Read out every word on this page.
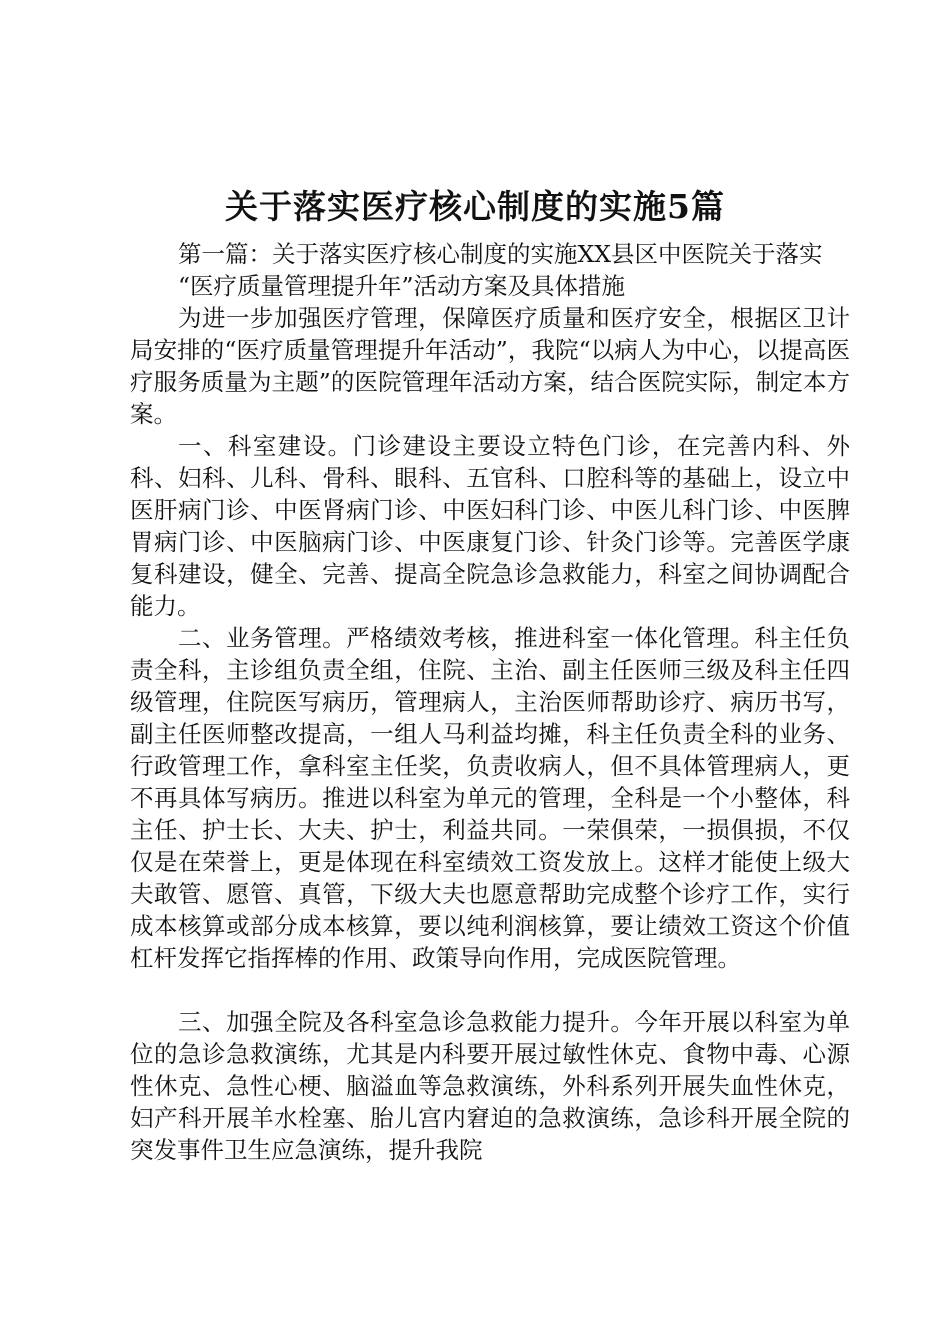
关于落实医疗核心制度的实施5篇

第一篇：关于落实医疗核心制度的实施XX县区中医院关于落实

“医疗质量管理提升年”活动方案及具体措施

为进一步加强医疗管理，保障医疗质量和医疗安全，根据区卫计局安排的“医疗质量管理提升年活动”，我院“以病人为中心，以提高医疗服务质量为主题”的医院管理年活动方案，结合医院实际，制定本方案。

一、科室建设。门诊建设主要设立特色门诊，在完善内科、外科、妇科、儿科、骨科、眼科、五官科、口腔科等的基础上，设立中医肝病门诊、中医肾病门诊、中医妇科门诊、中医儿科门诊、中医脾胃病门诊、中医脑病门诊、中医康复门诊、针灸门诊等。完善医学康复科建设，健全、完善、提高全院急诊急救能力，科室之间协调配合能力。

二、业务管理。严格绩效考核，推进科室一体化管理。科主任负责全科，主诊组负责全组，住院、主治、副主任医师三级及科主任四级管理，住院医写病历，管理病人，主治医师帮助诊疗、病历书写，副主任医师整改提高，一组人马利益均摊，科主任负责全科的业务、行政管理工作，拿科室主任奖，负责收病人，但不具体管理病人，更不再具体写病历。推进以科室为单元的管理，全科是一个小整体，科主任、护士长、大夫、护士，利益共同。一荣俱荣，一损俱损，不仅仅是在荣誉上，更是体现在科室绩效工资发放上。这样才能使上级大夫敢管、愿管、真管，下级大夫也愿意帮助完成整个诊疗工作，实行成本核算或部分成本核算，要以纯利润核算，要让绩效工资这个价值杠杆发挥它指挥棒的作用、政策导向作用，完成医院管理。

三、加强全院及各科室急诊急救能力提升。今年开展以科室为单位的急诊急救演练，尤其是内科要开展过敏性休克、食物中毒、心源性休克、急性心梗、脑溢血等急救演练，外科系列开展失血性休克，妇产科开展羊水栓塞、胎儿宫内窘迫的急救演练，急诊科开展全院的突发事件卫生应急演练，提升我院
